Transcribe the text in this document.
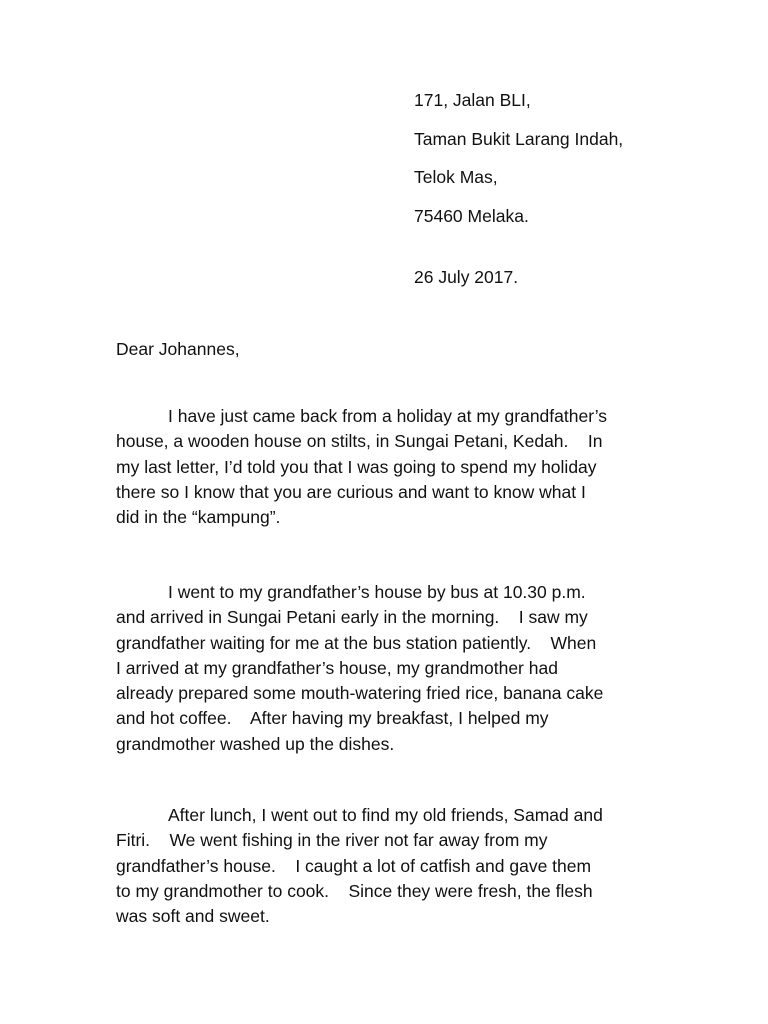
171, Jalan BLI,
Taman Bukit Larang Indah,
Telok Mas,
75460 Melaka.
26 July 2017.
Dear Johannes,
I have just came back from a holiday at my grandfather’s
house, a wooden house on stilts, in Sungai Petani, Kedah.    In
my last letter, I’d told you that I was going to spend my holiday
there so I know that you are curious and want to know what I
did in the “kampung”.
I went to my grandfather’s house by bus at 10.30 p.m.
and arrived in Sungai Petani early in the morning.    I saw my
grandfather waiting for me at the bus station patiently.    When
I arrived at my grandfather’s house, my grandmother had
already prepared some mouth-watering fried rice, banana cake
and hot coffee.    After having my breakfast, I helped my
grandmother washed up the dishes.
After lunch, I went out to find my old friends, Samad and
Fitri.    We went fishing in the river not far away from my
grandfather’s house.    I caught a lot of catfish and gave them
to my grandmother to cook.    Since they were fresh, the flesh
was soft and sweet.
